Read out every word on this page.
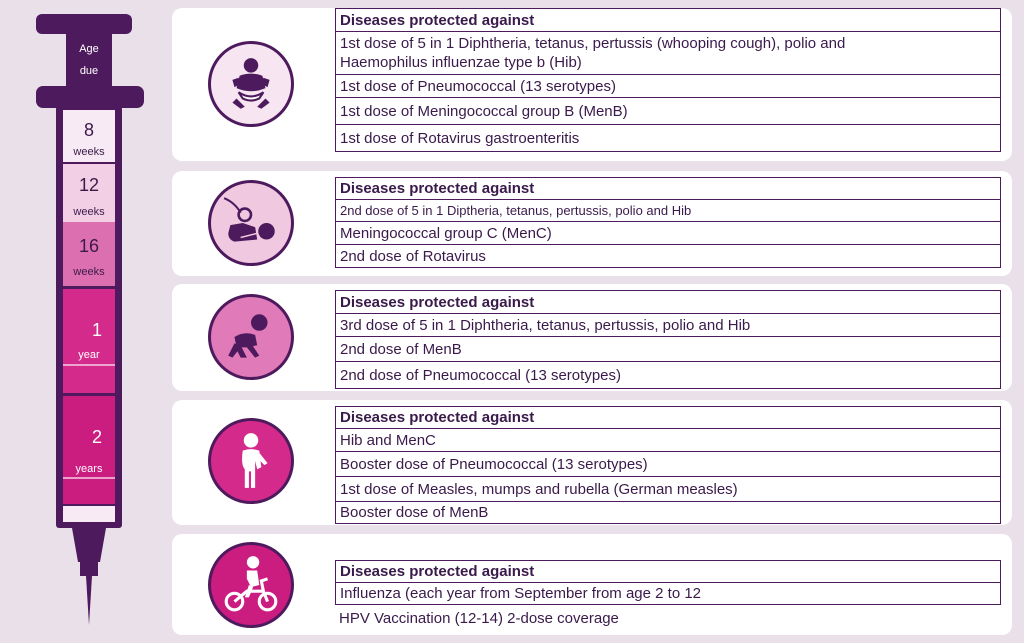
Age
due
8
weeks
12
weeks
16
weeks
1
year
2
years
Diseases protected against
1st dose of 5 in 1 Diphtheria, tetanus, pertussis (whooping cough), polio and Haemophilus influenzae type b (Hib)
1st dose of Pneumococcal (13 serotypes)
1st dose of Meningococcal group B (MenB)
1st dose of Rotavirus gastroenteritis
Diseases protected against
2nd dose of 5 in 1 Diptheria, tetanus, pertussis, polio and Hib
Meningococcal group C (MenC)
2nd dose of Rotavirus
Diseases protected against
3rd dose of 5 in 1 Diphtheria, tetanus, pertussis, polio and Hib
2nd dose of MenB
2nd dose of Pneumococcal (13 serotypes)
Diseases protected against
Hib and MenC
Booster dose of Pneumococcal (13 serotypes)
1st dose of Measles, mumps and rubella (German measles)
Booster dose of MenB
Diseases protected against
Influenza (each year from September from age 2 to 12
HPV Vaccination (12-14) 2-dose coverage
